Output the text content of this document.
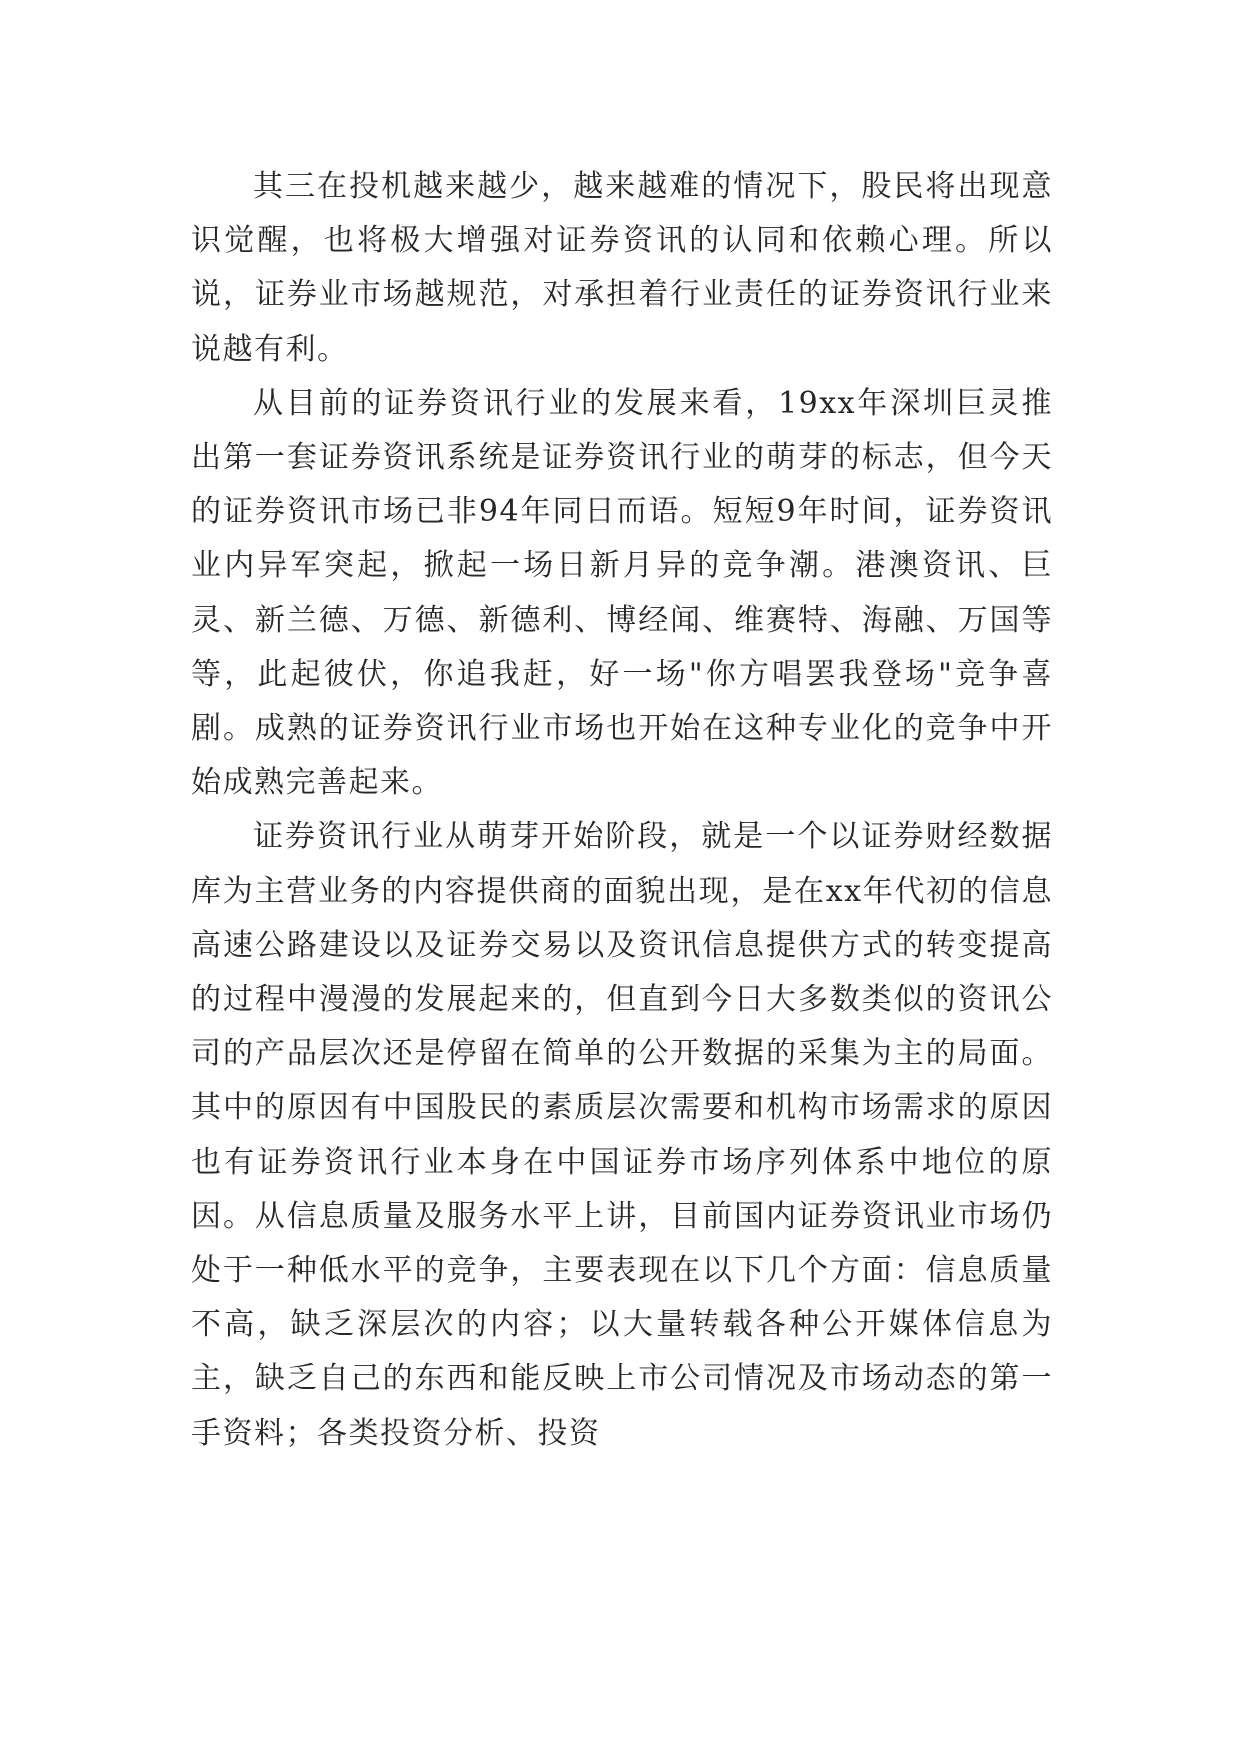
其三在投机越来越少，越来越难的情况下，股民将出现意识觉醒，也将极大增强对证券资讯的认同和依赖心理。所以说，证券业市场越规范，对承担着行业责任的证券资讯行业来说越有利。

从目前的证券资讯行业的发展来看，19xx年深圳巨灵推出第一套证券资讯系统是证券资讯行业的萌芽的标志，但今天的证券资讯市场已非94年同日而语。短短9年时间，证券资讯业内异军突起，掀起一场日新月异的竞争潮。港澳资讯、巨灵、新兰德、万德、新德利、博经闻、维赛特、海融、万国等等，此起彼伏，你追我赶，好一场"你方唱罢我登场"竞争喜剧。成熟的证券资讯行业市场也开始在这种专业化的竞争中开始成熟完善起来。

证券资讯行业从萌芽开始阶段，就是一个以证券财经数据库为主营业务的内容提供商的面貌出现，是在xx年代初的信息高速公路建设以及证券交易以及资讯信息提供方式的转变提高的过程中漫漫的发展起来的，但直到今日大多数类似的资讯公司的产品层次还是停留在简单的公开数据的采集为主的局面。其中的原因有中国股民的素质层次需要和机构市场需求的原因也有证券资讯行业本身在中国证券市场序列体系中地位的原因。从信息质量及服务水平上讲，目前国内证券资讯业市场仍处于一种低水平的竞争，主要表现在以下几个方面：信息质量不高，缺乏深层次的内容；以大量转载各种公开媒体信息为主，缺乏自己的东西和能反映上市公司情况及市场动态的第一手资料；各类投资分析、投资
